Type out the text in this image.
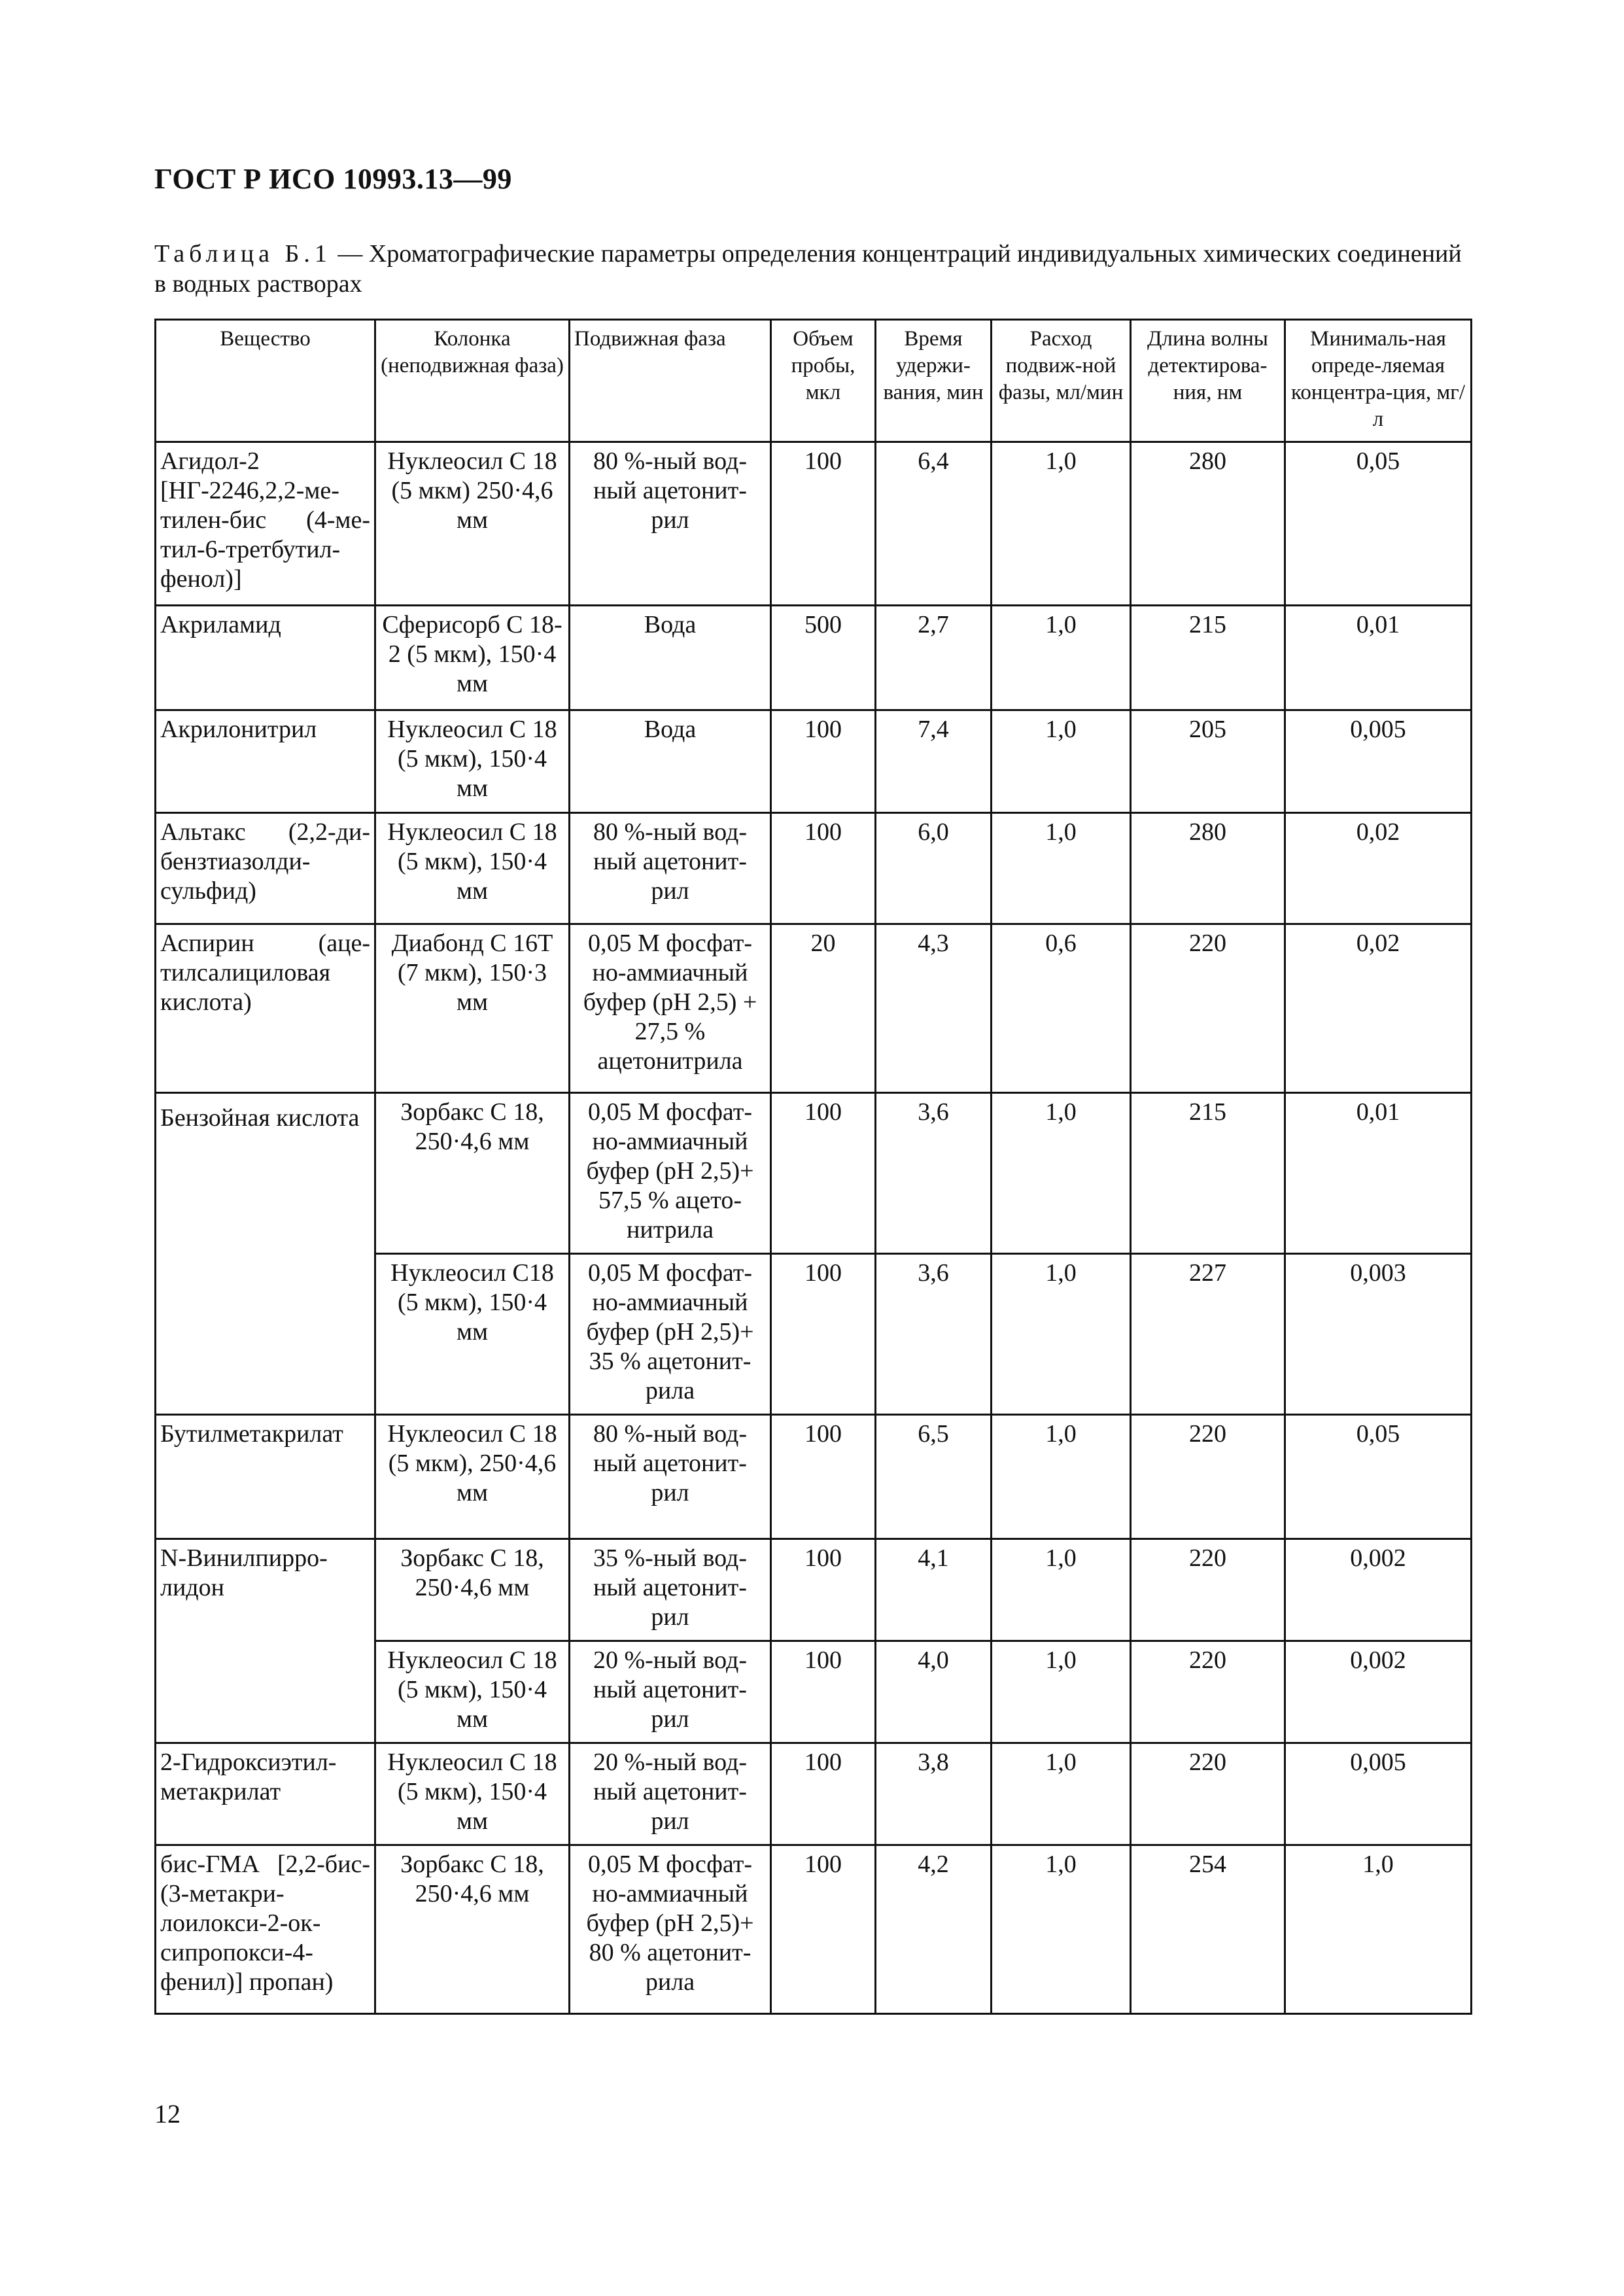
ГОСТ Р ИСО 10993.13—99
Таблица Б.1 — Хроматографические параметры определения концентраций индивидуальных химических соединений в водных растворах
Вещество	Колонка (неподвижная фаза)	Подвижная фаза	Объем пробы, мкл	Время удержи-вания, мин	Расход подвиж-ной фазы, мл/мин	Длина волны детектирова-ния, нм	Минималь-ная опреде-ляемая концентра-ция, мг/л
Агидол-2 [НГ-2246,2,2-ме-тилен-бис (4-ме-тил-6-третбутил-фенол)]	Нуклеосил С 18 (5 мкм) 250·4,6 мм	80 %-ный вод-ный ацетонит-рил	100	6,4	1,0	280	0,05
Акриламид	Сферисорб С 18-2 (5 мкм), 150·4 мм	Вода	500	2,7	1,0	215	0,01
Акрилонитрил	Нуклеосил С 18 (5 мкм), 150·4 мм	Вода	100	7,4	1,0	205	0,005
Альтакс (2,2-ди-бензтиазолди-сульфид)	Нуклеосил С 18 (5 мкм), 150·4 мм	80 %-ный вод-ный ацетонит-рил	100	6,0	1,0	280	0,02
Аспирин (аце-тилсалициловая кислота)	Диабонд С 16Т (7 мкм), 150·3 мм	0,05 М фосфат-но-аммиачный буфер (рН 2,5) + 27,5 % ацетонитрила	20	4,3	0,6	220	0,02
Бензойная кислота	Зорбакс С 18, 250·4,6 мм	0,05 М фосфат-но-аммиачный буфер (рН 2,5)+ 57,5 % ацето-нитрила	100	3,6	1,0	215	0,01
	Нуклеосил С18 (5 мкм), 150·4 мм	0,05 М фосфат-но-аммиачный буфер (рН 2,5)+ 35 % ацетонит-рила	100	3,6	1,0	227	0,003
Бутилметакрилат	Нуклеосил С 18 (5 мкм), 250·4,6 мм	80 %-ный вод-ный ацетонит-рил	100	6,5	1,0	220	0,05
N-Винилпирро-лидон	Зорбакс С 18, 250·4,6 мм	35 %-ный вод-ный ацетонит-рил	100	4,1	1,0	220	0,002
	Нуклеосил С 18 (5 мкм), 150·4 мм	20 %-ный вод-ный ацетонит-рил	100	4,0	1,0	220	0,002
2-Гидроксиэтил-метакрилат	Нуклеосил С 18 (5 мкм), 150·4 мм	20 %-ный вод-ный ацетонит-рил	100	3,8	1,0	220	0,005
бис-ГМА [2,2-бис-(3-метакри-лоилокси-2-ок-сипропокси-4-фенил)] пропан)	Зорбакс С 18, 250·4,6 мм	0,05 М фосфат-но-аммиачный буфер (рН 2,5)+ 80 % ацетонит-рила	100	4,2	1,0	254	1,0
12
